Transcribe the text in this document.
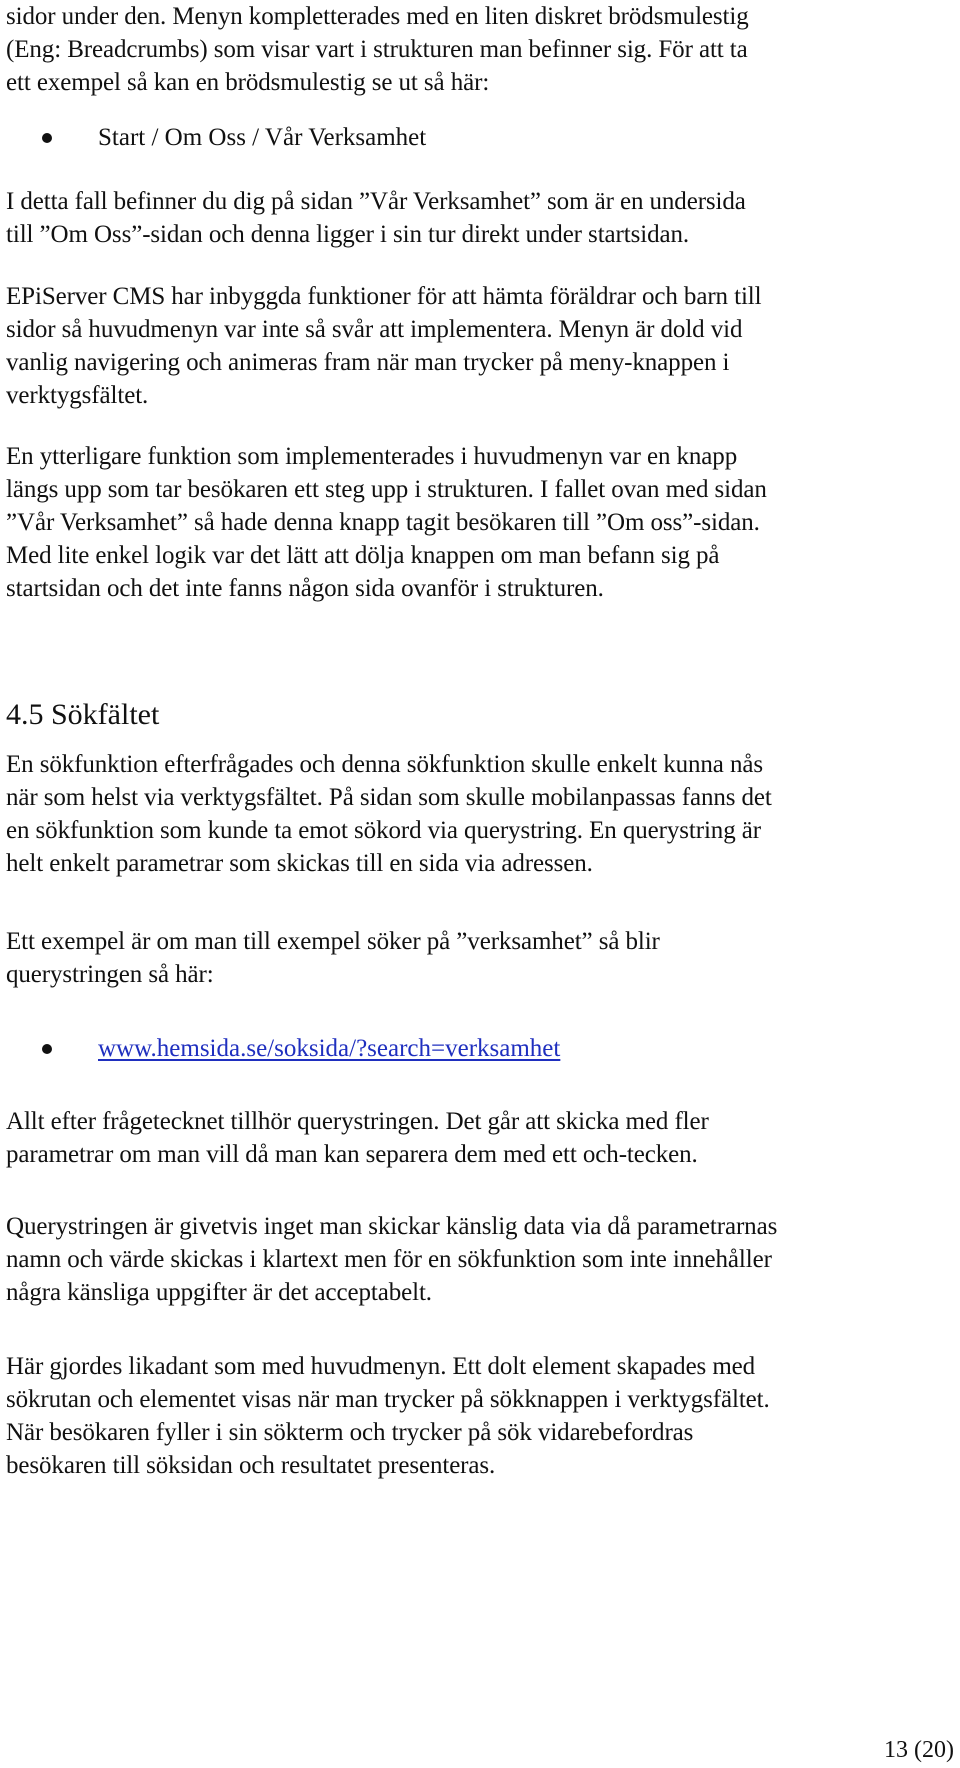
sidor under den. Menyn kompletterades med en liten diskret brödsmulestig
(Eng: Breadcrumbs) som visar vart i strukturen man befinner sig. För att ta
ett exempel så kan en brödsmulestig se ut så här:

Start / Om Oss / Vår Verksamhet

I detta fall befinner du dig på sidan ”Vår Verksamhet” som är en undersida
till ”Om Oss”-sidan och denna ligger i sin tur direkt under startsidan.

EPiServer CMS har inbyggda funktioner för att hämta föräldrar och barn till
sidor så huvudmenyn var inte så svår att implementera. Menyn är dold vid
vanlig navigering och animeras fram när man trycker på meny-knappen i
verktygsfältet.

En ytterligare funktion som implementerades i huvudmenyn var en knapp
längs upp som tar besökaren ett steg upp i strukturen. I fallet ovan med sidan
”Vår Verksamhet” så hade denna knapp tagit besökaren till ”Om oss”-sidan.
Med lite enkel logik var det lätt att dölja knappen om man befann sig på
startsidan och det inte fanns någon sida ovanför i strukturen.

4.5 Sökfältet

En sökfunktion efterfrågades och denna sökfunktion skulle enkelt kunna nås
när som helst via verktygsfältet. På sidan som skulle mobilanpassas fanns det
en sökfunktion som kunde ta emot sökord via querystring. En querystring är
helt enkelt parametrar som skickas till en sida via adressen.

Ett exempel är om man till exempel söker på ”verksamhet” så blir
querystringen så här:

www.hemsida.se/soksida/?search=verksamhet

Allt efter frågetecknet tillhör querystringen. Det går att skicka med fler
parametrar om man vill då man kan separera dem med ett och-tecken.

Querystringen är givetvis inget man skickar känslig data via då parametrarnas
namn och värde skickas i klartext men för en sökfunktion som inte innehåller
några känsliga uppgifter är det acceptabelt.

Här gjordes likadant som med huvudmenyn. Ett dolt element skapades med
sökrutan och elementet visas när man trycker på sökknappen i verktygsfältet.
När besökaren fyller i sin sökterm och trycker på sök vidarebefordras
besökaren till söksidan och resultatet presenteras.

13 (20)
